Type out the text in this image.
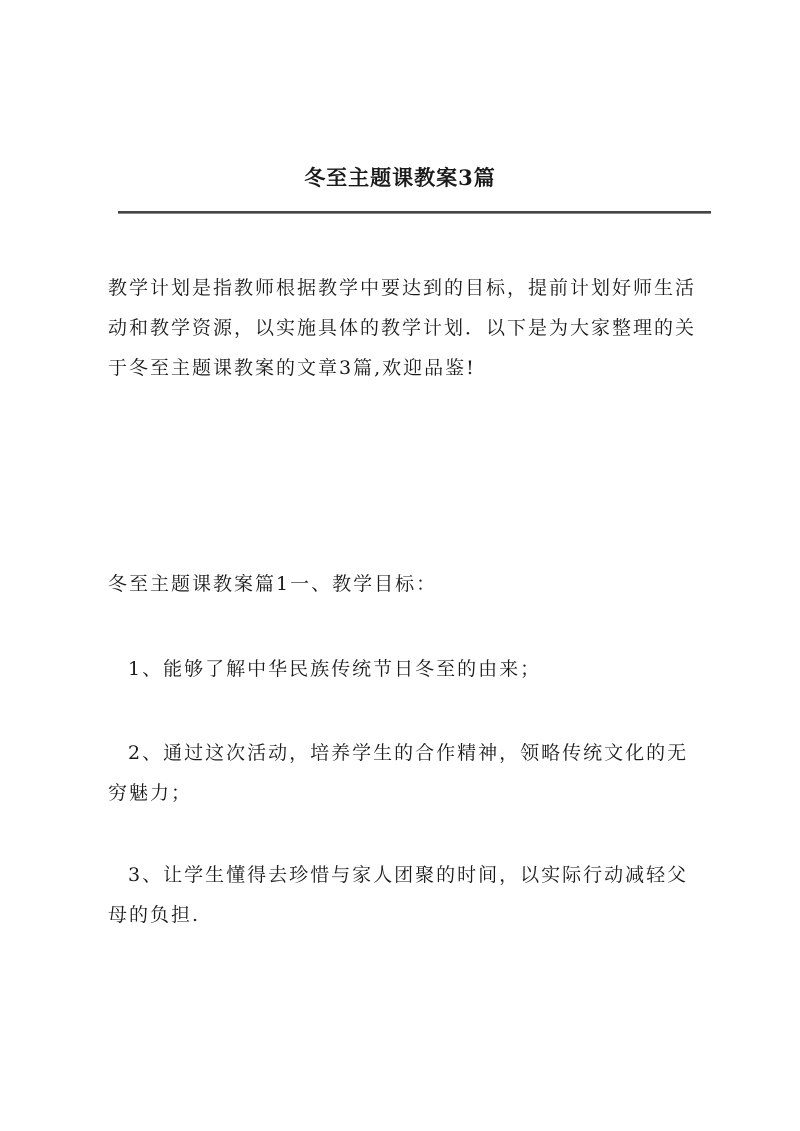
冬至主题课教案3篇

教学计划是指教师根据教学中要达到的目标，提前计划好师生活动和教学资源，以实施具体的教学计划．以下是为大家整理的关于冬至主题课教案的文章3篇,欢迎品鉴!

冬至主题课教案篇1一、教学目标：

1、能够了解中华民族传统节日冬至的由来；

2、通过这次活动，培养学生的合作精神，领略传统文化的无穷魅力；

3、让学生懂得去珍惜与家人团聚的时间，以实际行动减轻父母的负担.
